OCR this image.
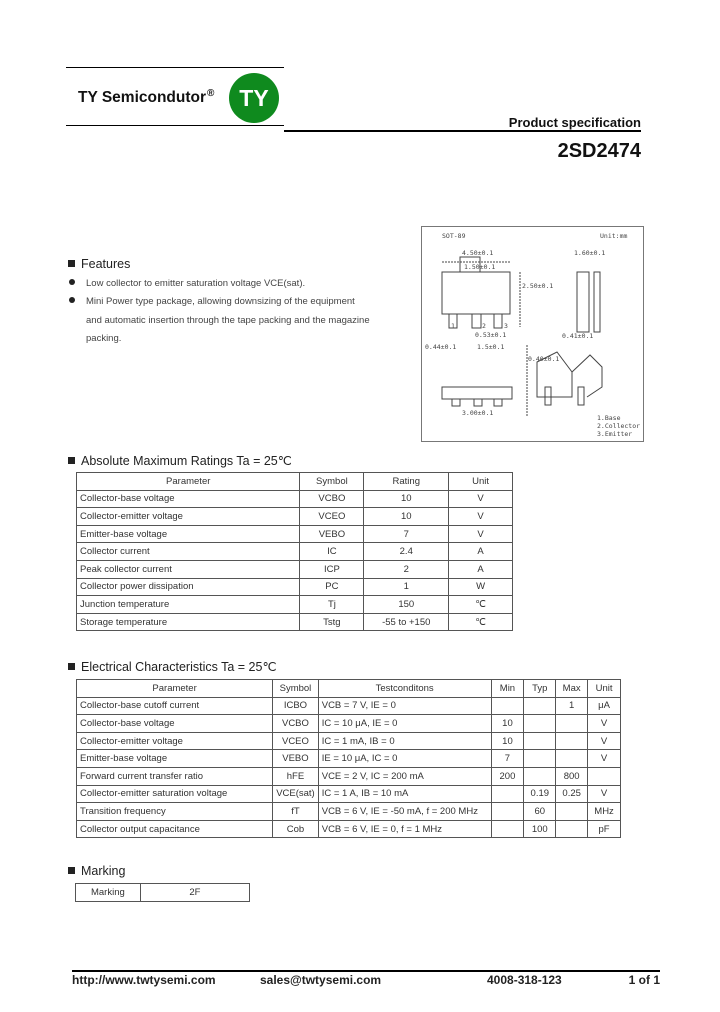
TY Semicondutor®	TY
Product specification
2SD2474
Features
Low collector to emitter saturation voltage VCE(sat).
Mini Power type package, allowing downsizing of the equipment
and automatic insertion through the tape packing and the magazine
packing.
SOT-89	Unit:mm
4.50±0.1
1.50±0.1
1.60±0.1
0.41±0.1
0.44±0.1	1.5±0.1
3.00±0.1
2.50±0.1
0.40±0.1
0.53±0.1
1	2	3
1.Base
2.Collector
3.Emitter
Absolute Maximum Ratings Ta = 25℃
Parameter	Symbol	Rating	Unit
Collector-base voltage	VCBO	10	V
Collector-emitter voltage	VCEO	10	V
Emitter-base voltage	VEBO	7	V
Collector current	IC	2.4	A
Peak collector current	ICP	2	A
Collector power dissipation	PC	1	W
Junction temperature	Tj	150	℃
Storage temperature	Tstg	-55 to +150	℃
Electrical Characteristics Ta = 25℃
Parameter	Symbol	Testconditons	Min	Typ	Max	Unit
Collector-base cutoff current	ICBO	VCB = 7 V, IE = 0			1	μA
Collector-base voltage	VCBO	IC = 10 μA, IE = 0	10			V
Collector-emitter voltage	VCEO	IC = 1 mA, IB = 0	10			V
Emitter-base voltage	VEBO	IE = 10 μA, IC = 0	7			V
Forward current transfer ratio	hFE	VCE = 2 V, IC = 200 mA	200		800	
Collector-emitter saturation voltage	VCE(sat)	IC = 1 A, IB = 10 mA		0.19	0.25	V
Transition frequency	fT	VCB = 6 V, IE = -50 mA, f = 200 MHz		60		MHz
Collector output capacitance	Cob	VCB = 6 V, IE = 0, f = 1 MHz		100		pF
Marking
Marking	2F
http://www.twtysemi.com	sales@twtysemi.com	4008-318-123	1 of 1
